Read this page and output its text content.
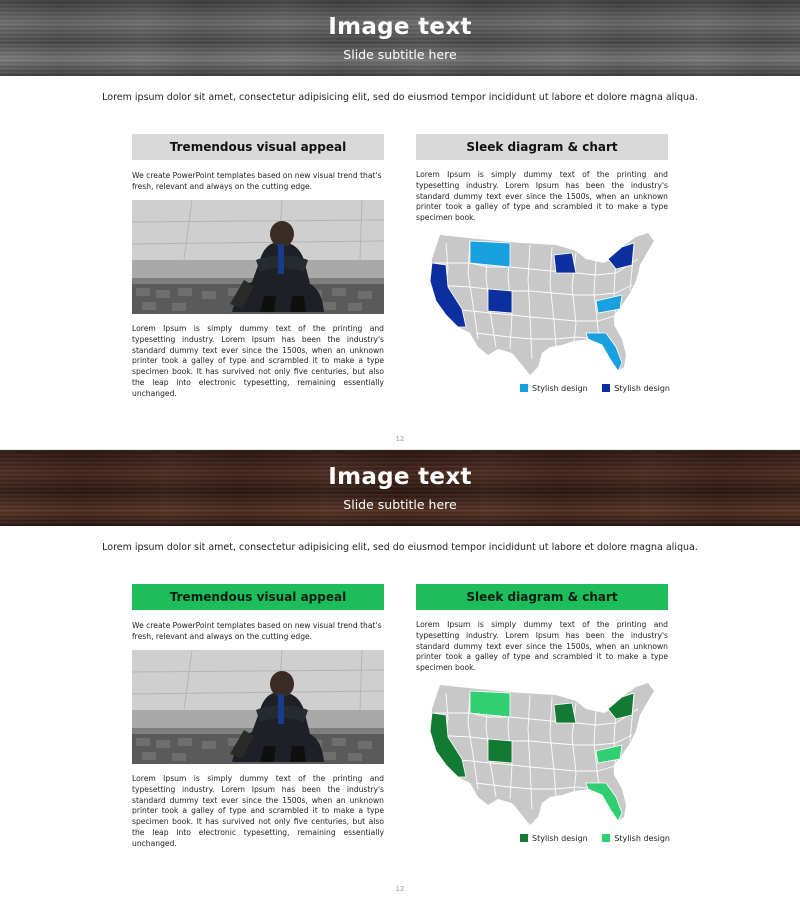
Image text
Slide subtitle here

Lorem ipsum dolor sit amet, consectetur adipisicing elit, sed do eiusmod tempor incididunt ut labore et dolore magna aliqua.

Tremendous visual appeal

We create PowerPoint templates based on new visual trend that's fresh, relevant and always on the cutting edge.

Lorem Ipsum is simply dummy text of the printing and typesetting industry. Lorem Ipsum has been the industry's standard dummy text ever since the 1500s, when an unknown printer took a galley of type and scrambled it to make a type specimen book. It has survived not only five centuries, but also the leap into electronic typesetting, remaining essentially unchanged.

Sleek diagram & chart

Lorem Ipsum is simply dummy text of the printing and typesetting industry. Lorem Ipsum has been the industry's standard dummy text ever since the 1500s, when an unknown printer took a galley of type and scrambled it to make a type specimen book.

Stylish design	Stylish design
12
Image text
Slide subtitle here

Lorem ipsum dolor sit amet, consectetur adipisicing elit, sed do eiusmod tempor incididunt ut labore et dolore magna aliqua.

Tremendous visual appeal

We create PowerPoint templates based on new visual trend that's fresh, relevant and always on the cutting edge.

Lorem Ipsum is simply dummy text of the printing and typesetting industry. Lorem Ipsum has been the industry's standard dummy text ever since the 1500s, when an unknown printer took a galley of type and scrambled it to make a type specimen book. It has survived not only five centuries, but also the leap into electronic typesetting, remaining essentially unchanged.

Sleek diagram & chart

Lorem Ipsum is simply dummy text of the printing and typesetting industry. Lorem Ipsum has been the industry's standard dummy text ever since the 1500s, when an unknown printer took a galley of type and scrambled it to make a type specimen book.

Stylish design	Stylish design
12
